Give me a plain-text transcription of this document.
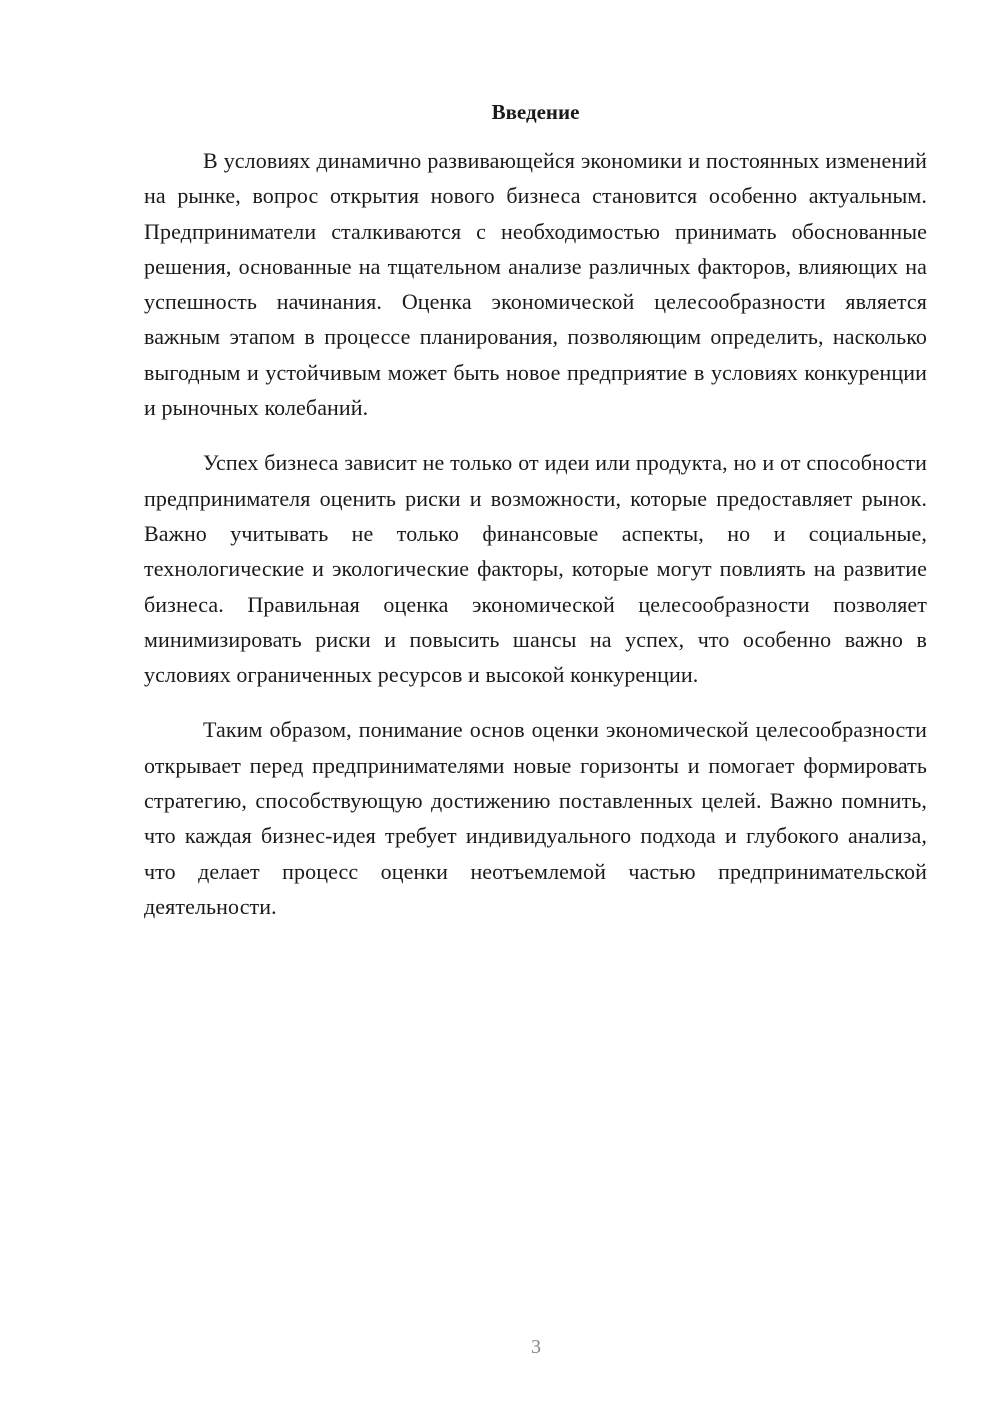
Введение

В условиях динамично развивающейся экономики и постоянных изменений на рынке, вопрос открытия нового бизнеса становится особенно актуальным. Предприниматели сталкиваются с необходимостью принимать обоснованные решения, основанные на тщательном анализе различных факторов, влияющих на успешность начинания. Оценка экономической целесообразности является важным этапом в процессе планирования, позволяющим определить, насколько выгодным и устойчивым может быть новое предприятие в условиях конкуренции и рыночных колебаний.

Успех бизнеса зависит не только от идеи или продукта, но и от способности предпринимателя оценить риски и возможности, которые предоставляет рынок. Важно учитывать не только финансовые аспекты, но и социальные, технологические и экологические факторы, которые могут повлиять на развитие бизнеса. Правильная оценка экономической целесообразности позволяет минимизировать риски и повысить шансы на успех, что особенно важно в условиях ограниченных ресурсов и высокой конкуренции.

Таким образом, понимание основ оценки экономической целесообразности открывает перед предпринимателями новые горизонты и помогает формировать стратегию, способствующую достижению поставленных целей. Важно помнить, что каждая бизнес-идея требует индивидуального подхода и глубокого анализа, что делает процесс оценки неотъемлемой частью предпринимательской деятельности.

3
